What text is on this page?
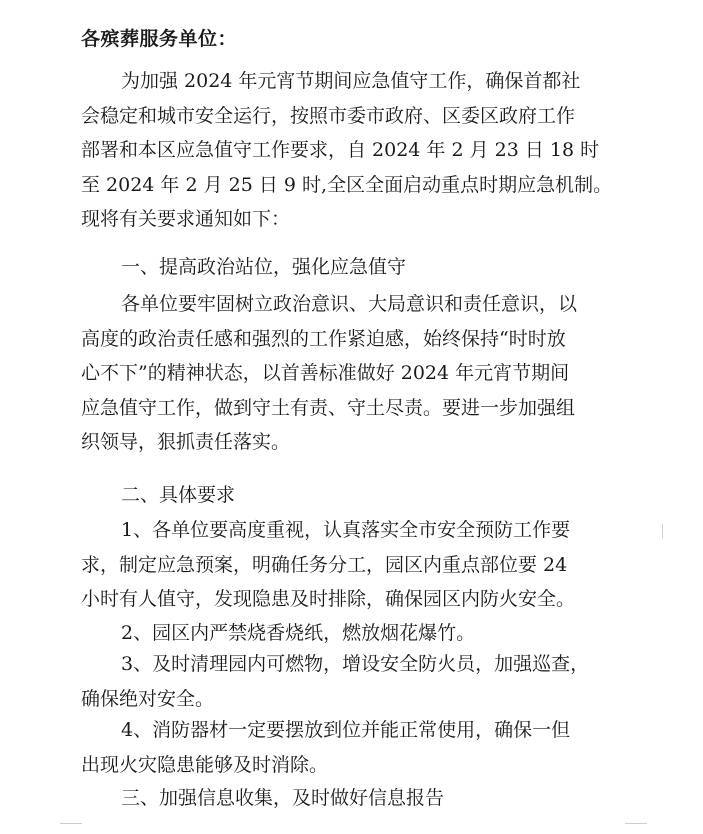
各殡葬服务单位：
为加强 2024 年元宵节期间应急值守工作，确保首都社
会稳定和城市安全运行，按照市委市政府、区委区政府工作
部署和本区应急值守工作要求，自 2024 年 2 月 23 日 18 时
至 2024 年 2 月 25 日 9 时,全区全面启动重点时期应急机制。
现将有关要求通知如下：
一、提高政治站位，强化应急值守
各单位要牢固树立政治意识、大局意识和责任意识，以
高度的政治责任感和强烈的工作紧迫感，始终保持“时时放
心不下”的精神状态，以首善标准做好 2024 年元宵节期间
应急值守工作，做到守土有责、守土尽责。要进一步加强组
织领导，狠抓责任落实。
二、具体要求
1、各单位要高度重视，认真落实全市安全预防工作要
求，制定应急预案，明确任务分工，园区内重点部位要 24
小时有人值守，发现隐患及时排除，确保园区内防火安全。
2、园区内严禁烧香烧纸，燃放烟花爆竹。
3、及时清理园内可燃物，增设安全防火员，加强巡查，
确保绝对安全。
4、消防器材一定要摆放到位并能正常使用，确保一但
出现火灾隐患能够及时消除。
三、加强信息收集，及时做好信息报告
